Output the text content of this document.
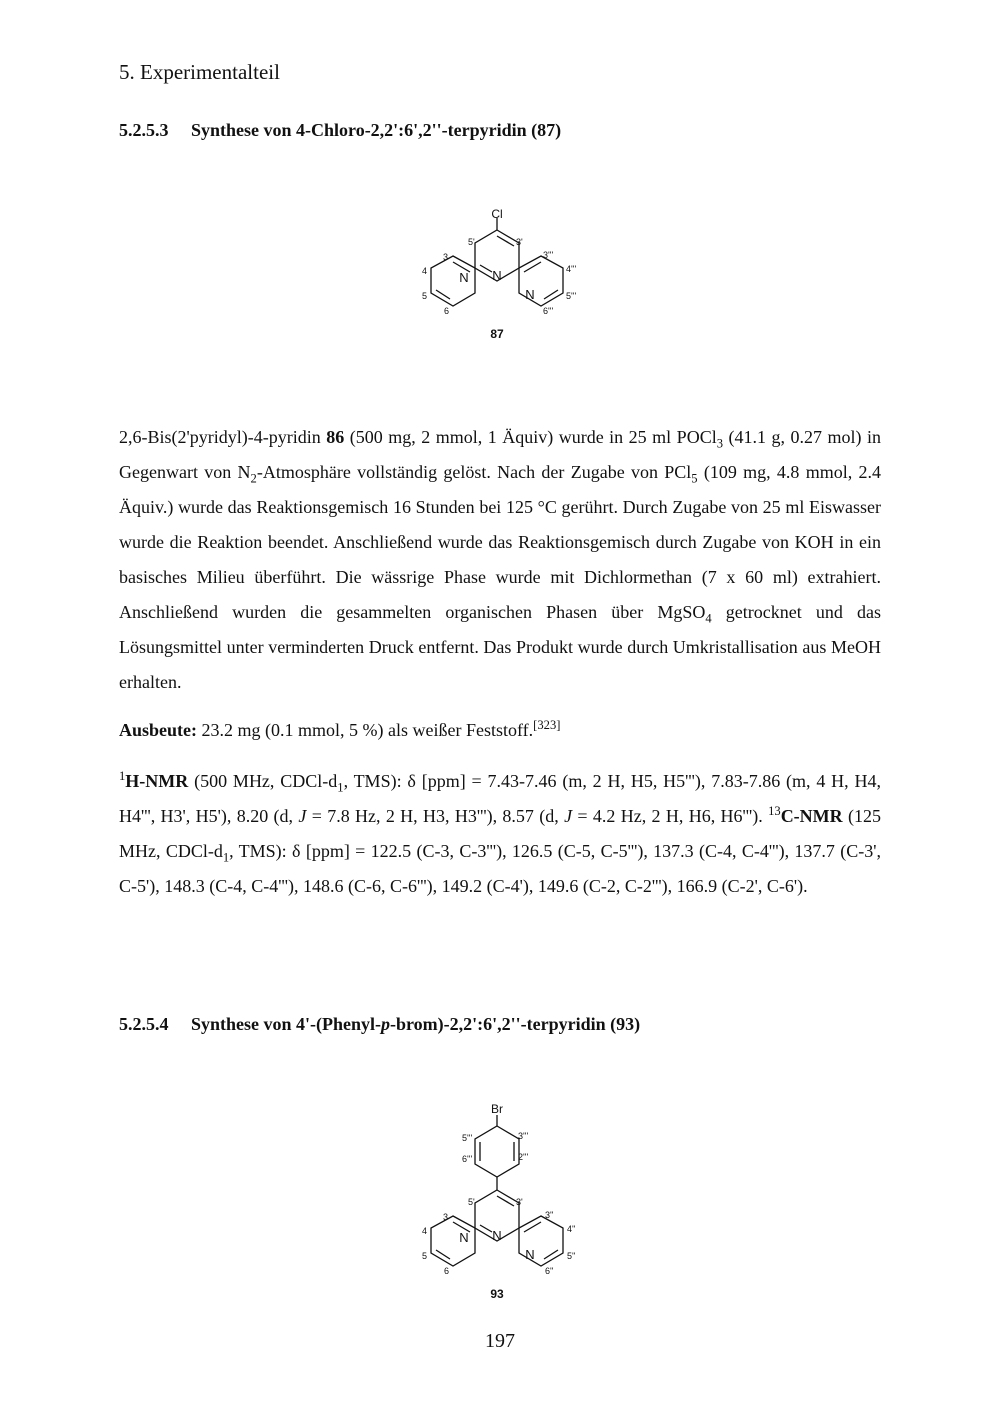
5. Experimentalteil
5.2.5.3 Synthese von 4-Chloro-2,2':6',2''-terpyridin (87)
Cl
N N
N
3
4
5
6
5'	3'
3'''
4'''
5'''
6'''
87

2,6-Bis(2'pyridyl)-4-pyridin 86 (500 mg, 2 mmol, 1 Äquiv) wurde in 25 ml POCl$_3$ (41.1 g, 0.27 mol) in Gegenwart von $N_2$-Atmosphäre vollständig gelöst. Nach der Zugabe von PCl$_5$ (109 mg, 4.8 mmol, 2.4 Äquiv.) wurde das Reaktionsgemisch 16 Stunden bei 125 °C gerührt. Durch Zugabe von 25 ml Eiswasser wurde die Reaktion beendet. Anschließend wurde das Reaktionsgemisch durch Zugabe von KOH in ein basisches Milieu überführt. Die wässrige Phase wurde mit Dichlormethan (7 x 60 ml) extrahiert. Anschließend wurden die gesammelten organischen Phasen über MgSO$_4$ getrocknet und das Lösungsmittel unter verminderten Druck entfernt. Das Produkt wurde durch Umkristallisation aus MeOH erhalten.

Ausbeute: 23.2 mg (0.1 mmol, 5 %) als weißer Feststoff.[323]

$^1$H-NMR (500 MHz, CDCl-$d_1$, TMS): δ [ppm] = 7.43-7.46 (m, 2 H, H5, H5'''), 7.83-7.86 (m, 4 H, H4, H4''', H3', H5'), 8.20 (d, J = 7.8 Hz, 2 H, H3, H3'''), 8.57 (d, J = 4.2 Hz, 2 H, H6, H6'''). $^{13}$C-NMR (125 MHz, CDCl-$d_1$, TMS): δ [ppm] = 122.5 (C-3, C-3'''), 126.5 (C-5, C-5'''), 137.3 (C-4, C-4'''), 137.7 (C-3', C-5'), 148.3 (C-4, C-4'''), 148.6 (C-6, C-6'''), 149.2 (C-4'), 149.6 (C-2, C-2'''), 166.9 (C-2', C-6').

5.2.5.4 Synthese von 4'-(Phenyl-p-brom)-2,2':6',2''-terpyridin (93)
Br
5'''	3'''
6'''	2'''
5'	3'
N N
N
3
4
5
6
3''
4''
5''
6''
93
197
